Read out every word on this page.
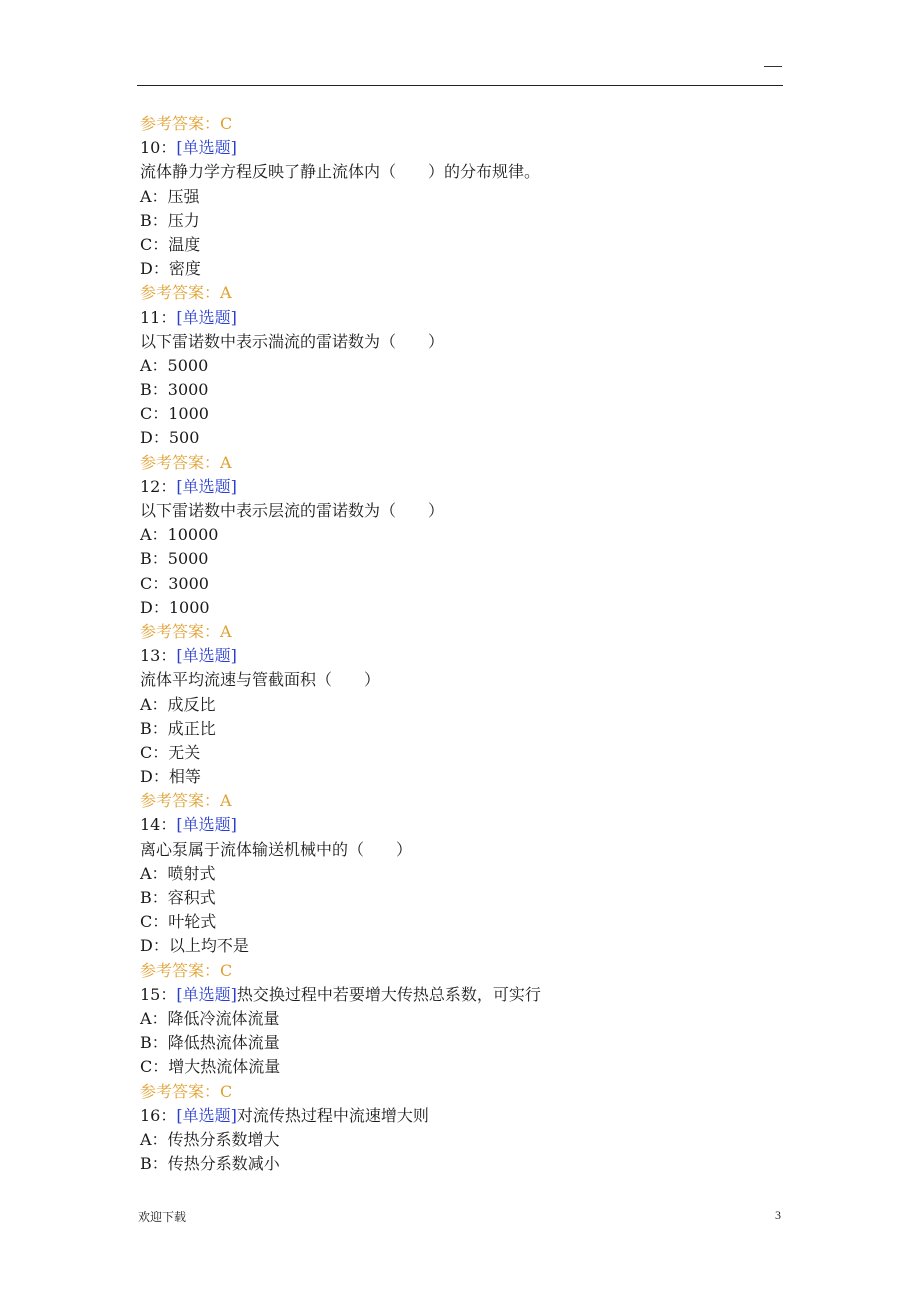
参考答案：C
10：[单选题]
流体静力学方程反映了静止流体内（　　）的分布规律。
A：压强
B：压力
C：温度
D：密度
参考答案：A
11：[单选题]
以下雷诺数中表示湍流的雷诺数为（　　）
A：5000
B：3000
C：1000
D：500
参考答案：A
12：[单选题]
以下雷诺数中表示层流的雷诺数为（　　）
A：10000
B：5000
C：3000
D：1000
参考答案：A
13：[单选题]
流体平均流速与管截面积（　　）
A：成反比
B：成正比
C：无关
D：相等
参考答案：A
14：[单选题]
离心泵属于流体输送机械中的（　　）
A：喷射式
B：容积式
C：叶轮式
D：以上均不是
参考答案：C
15：[单选题]热交换过程中若要增大传热总系数，可实行
A：降低冷流体流量
B：降低热流体流量
C：增大热流体流量
参考答案：C
16：[单选题]对流传热过程中流速增大则
A：传热分系数增大
B：传热分系数减小
欢迎下载	3
